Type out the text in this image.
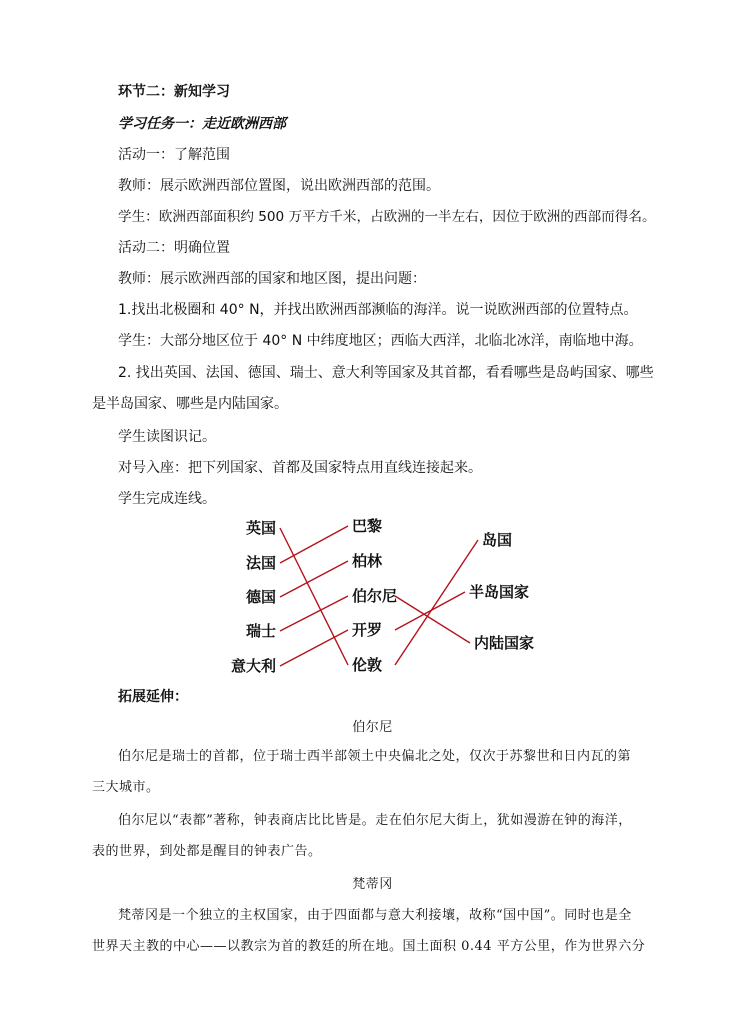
环节二：新知学习
学习任务一：走近欧洲西部
活动一：了解范围
教师：展示欧洲西部位置图，说出欧洲西部的范围。
学生：欧洲西部面积约 500 万平方千米，占欧洲的一半左右，因位于欧洲的西部而得名。
活动二：明确位置
教师：展示欧洲西部的国家和地区图，提出问题：
1.找出北极圈和 40° N，并找出欧洲西部濒临的海洋。说一说欧洲西部的位置特点。
学生：大部分地区位于 40° N 中纬度地区；西临大西洋，北临北冰洋，南临地中海。
2. 找出英国、法国、德国、瑞士、意大利等国家及其首都，看看哪些是岛屿国家、哪些
是半岛国家、哪些是内陆国家。
学生读图识记。
对号入座：把下列国家、首都及国家特点用直线连接起来。
学生完成连线。
英国
法国
德国
瑞士
意大利
巴黎
柏林
伯尔尼
开罗
伦敦
岛国
半岛国家
内陆国家
拓展延伸：
伯尔尼
伯尔尼是瑞士的首都，位于瑞士西半部领土中央偏北之处，仅次于苏黎世和日内瓦的第
三大城市。
伯尔尼以“表都”著称，钟表商店比比皆是。走在伯尔尼大街上，犹如漫游在钟的海洋，
表的世界，到处都是醒目的钟表广告。
梵蒂冈
梵蒂冈是一个独立的主权国家，由于四面都与意大利接壤，故称“国中国”。同时也是全
世界天主教的中心——以教宗为首的教廷的所在地。国土面积 0.44 平方公里，作为世界六分
